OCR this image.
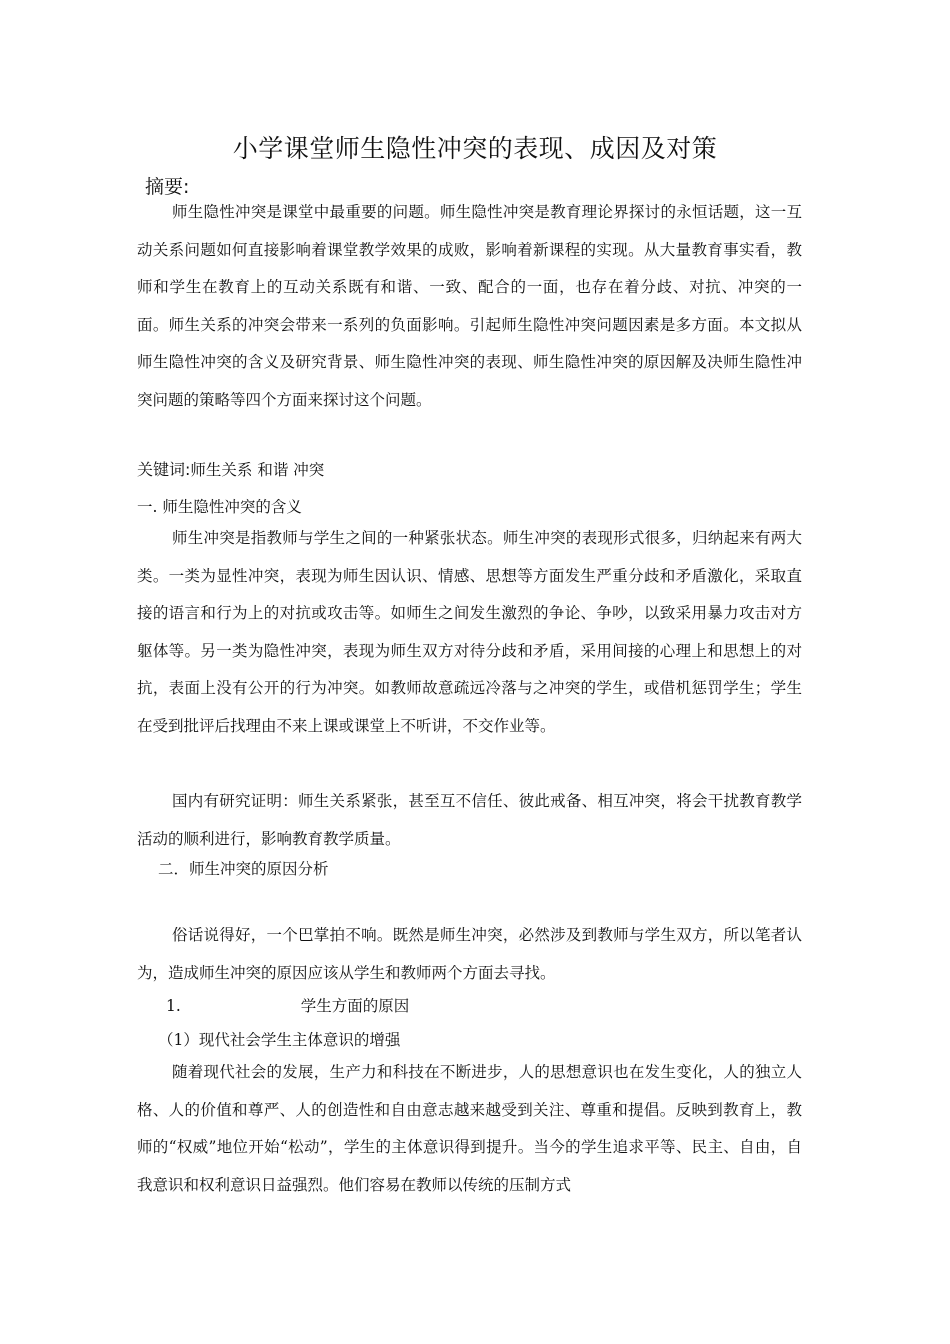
小学课堂师生隐性冲突的表现、成因及对策
摘要:

师生隐性冲突是课堂中最重要的问题。师生隐性冲突是教育理论界探讨的永恒话题，这一互动关系问题如何直接影响着课堂教学效果的成败，影响着新课程的实现。从大量教育事实看，教师和学生在教育上的互动关系既有和谐、一致、配合的一面，也存在着分歧、对抗、冲突的一面。师生关系的冲突会带来一系列的负面影响。引起师生隐性冲突问题因素是多方面。本文拟从师生隐性冲突的含义及研究背景、师生隐性冲突的表现、师生隐性冲突的原因解及决师生隐性冲突问题的策略等四个方面来探讨这个问题。

关键词:师生关系 和谐 冲突
一. 师生隐性冲突的含义

师生冲突是指教师与学生之间的一种紧张状态。师生冲突的表现形式很多，归纳起来有两大类。一类为显性冲突，表现为师生因认识、情感、思想等方面发生严重分歧和矛盾激化，采取直接的语言和行为上的对抗或攻击等。如师生之间发生激烈的争论、争吵，以致采用暴力攻击对方躯体等。另一类为隐性冲突，表现为师生双方对待分歧和矛盾，采用间接的心理上和思想上的对抗，表面上没有公开的行为冲突。如教师故意疏远冷落与之冲突的学生，或借机惩罚学生；学生在受到批评后找理由不来上课或课堂上不听讲，不交作业等。

国内有研究证明：师生关系紧张，甚至互不信任、彼此戒备、相互冲突，将会干扰教育教学活动的顺利进行，影响教育教学质量。

二．师生冲突的原因分析

俗话说得好，一个巴掌拍不响。既然是师生冲突，必然涉及到教师与学生双方，所以笔者认为，造成师生冲突的原因应该从学生和教师两个方面去寻找。

1.	学生方面的原因
（1）现代社会学生主体意识的增强

随着现代社会的发展，生产力和科技在不断进步，人的思想意识也在发生变化，人的独立人格、人的价值和尊严、人的创造性和自由意志越来越受到关注、尊重和提倡。反映到教育上，教师的“权威”地位开始“松动”，学生的主体意识得到提升。当今的学生追求平等、民主、自由，自我意识和权利意识日益强烈。他们容易在教师以传统的压制方式
